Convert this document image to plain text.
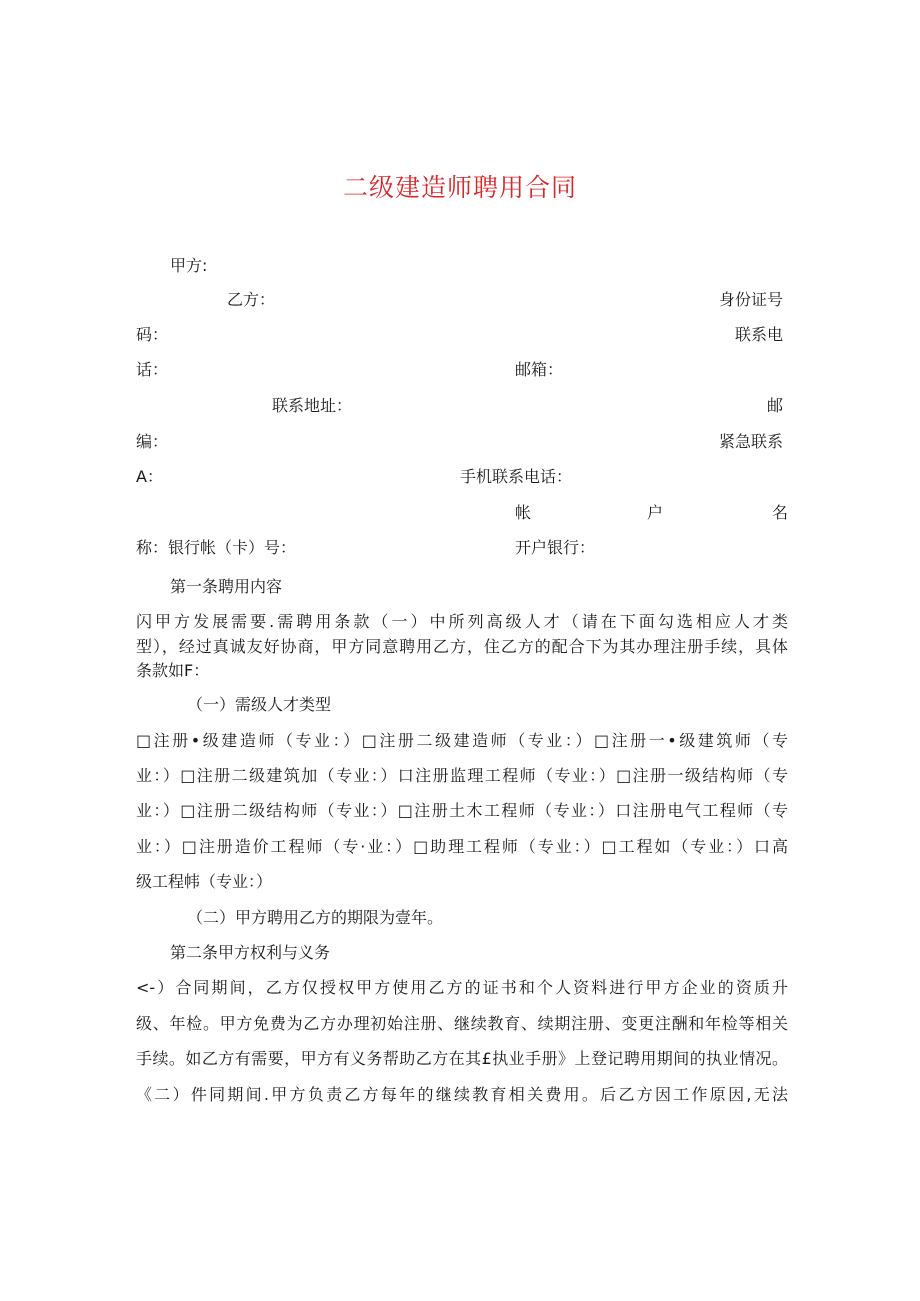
二级建造师聘用合同
甲方:
乙方：	身份证号
码：	联系电
话：	邮箱：
联系地址：	邮
编：	紧急联系
A：	手机联系电话：
帐	户	名
称：银行帐（卡）号：	开户银行：
第一条聘用内容
闪甲方发展需要.需聘用条款（一）中所列高级人才（请在下面勾选相应人才类
型），经过真诚友好协商，甲方同意聘用乙方，住乙方的配合下为其办理注册手续，具体
条款如F：
（一）需级人才类型
□注册•级建造师（专业：）□注册二级建造师（专业：）□注册一•级建筑师（专
业：）□注册二级建筑加（专业：）口注册监理工程师（专业：）□注册一级结构师（专
业：）□注册二级结构师（专业：）□注册土木工程师（专业：）口注册电气工程师（专
业：）□注册造价工程师（专·业：）□助理工程师（专业：）□工程如（专业：）口高
级工程帏（专业：）
（二）甲方聘用乙方的期限为壹年。
第二条甲方权利与义务
<-）合同期间，乙方仅授权甲方使用乙方的证书和个人资料进行甲方企业的资质升
级、年检。甲方免费为乙方办理初始注册、继续教育、续期注册、变更注酬和年检等相关
手续。如乙方有需要，甲方有义务帮助乙方在其£执业手册》上登记聘用期间的执业情况。
《二）件同期间.甲方负责乙方每年的继续教育相关费用。后乙方因工作原因,无法
